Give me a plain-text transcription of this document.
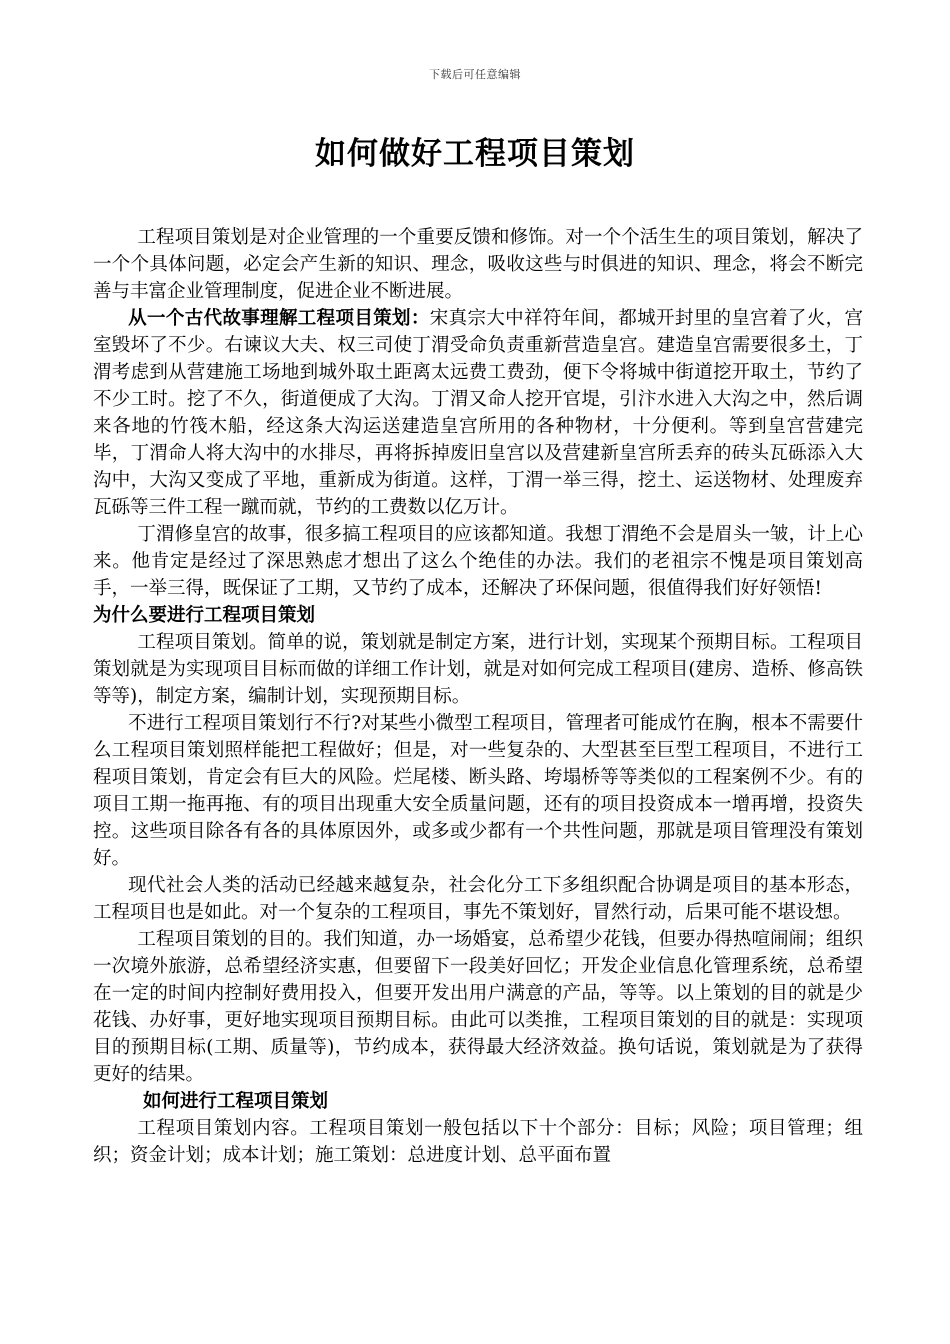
下载后可任意编辑
如何做好工程项目策划

工程项目策划是对企业管理的一个重要反馈和修饰。对一个个活生生的项目策划，解决了一个个具体问题，必定会产生新的知识、理念，吸收这些与时俱进的知识、理念，将会不断完善与丰富企业管理制度，促进企业不断进展。

从一个古代故事理解工程项目策划：宋真宗大中祥符年间，都城开封里的皇宫着了火，宫室毁坏了不少。右谏议大夫、权三司使丁渭受命负责重新营造皇宫。建造皇宫需要很多土，丁渭考虑到从营建施工场地到城外取土距离太远费工费劲，便下令将城中街道挖开取土，节约了不少工时。挖了不久，街道便成了大沟。丁渭又命人挖开官堤，引汴水进入大沟之中，然后调来各地的竹筏木船，经这条大沟运送建造皇宫所用的各种物材，十分便利。等到皇宫营建完毕，丁渭命人将大沟中的水排尽，再将拆掉废旧皇宫以及营建新皇宫所丢弃的砖头瓦砾添入大沟中，大沟又变成了平地，重新成为街道。这样，丁渭一举三得，挖土、运送物材、处理废弃瓦砾等三件工程一蹴而就，节约的工费数以亿万计。

丁渭修皇宫的故事，很多搞工程项目的应该都知道。我想丁渭绝不会是眉头一皱，计上心来。他肯定是经过了深思熟虑才想出了这么个绝佳的办法。我们的老祖宗不愧是项目策划高手，一举三得，既保证了工期，又节约了成本，还解决了环保问题，很值得我们好好领悟!

为什么要进行工程项目策划

工程项目策划。简单的说，策划就是制定方案，进行计划，实现某个预期目标。工程项目策划就是为实现项目目标而做的详细工作计划，就是对如何完成工程项目(建房、造桥、修高铁等等)，制定方案，编制计划，实现预期目标。

不进行工程项目策划行不行?对某些小微型工程项目，管理者可能成竹在胸，根本不需要什么工程项目策划照样能把工程做好；但是，对一些复杂的、大型甚至巨型工程项目，不进行工程项目策划，肯定会有巨大的风险。烂尾楼、断头路、垮塌桥等等类似的工程案例不少。有的项目工期一拖再拖、有的项目出现重大安全质量问题，还有的项目投资成本一增再增，投资失控。这些项目除各有各的具体原因外，或多或少都有一个共性问题，那就是项目管理没有策划好。

现代社会人类的活动已经越来越复杂，社会化分工下多组织配合协调是项目的基本形态，工程项目也是如此。对一个复杂的工程项目，事先不策划好，冒然行动，后果可能不堪设想。

工程项目策划的目的。我们知道，办一场婚宴，总希望少花钱，但要办得热喧闹闹；组织一次境外旅游，总希望经济实惠，但要留下一段美好回忆；开发企业信息化管理系统，总希望在一定的时间内控制好费用投入，但要开发出用户满意的产品，等等。以上策划的目的就是少花钱、办好事，更好地实现项目预期目标。由此可以类推，工程项目策划的目的就是：实现项目的预期目标(工期、质量等)，节约成本，获得最大经济效益。换句话说，策划就是为了获得更好的结果。

如何进行工程项目策划

工程项目策划内容。工程项目策划一般包括以下十个部分：目标；风险；项目管理；组织；资金计划；成本计划；施工策划：总进度计划、总平面布置
